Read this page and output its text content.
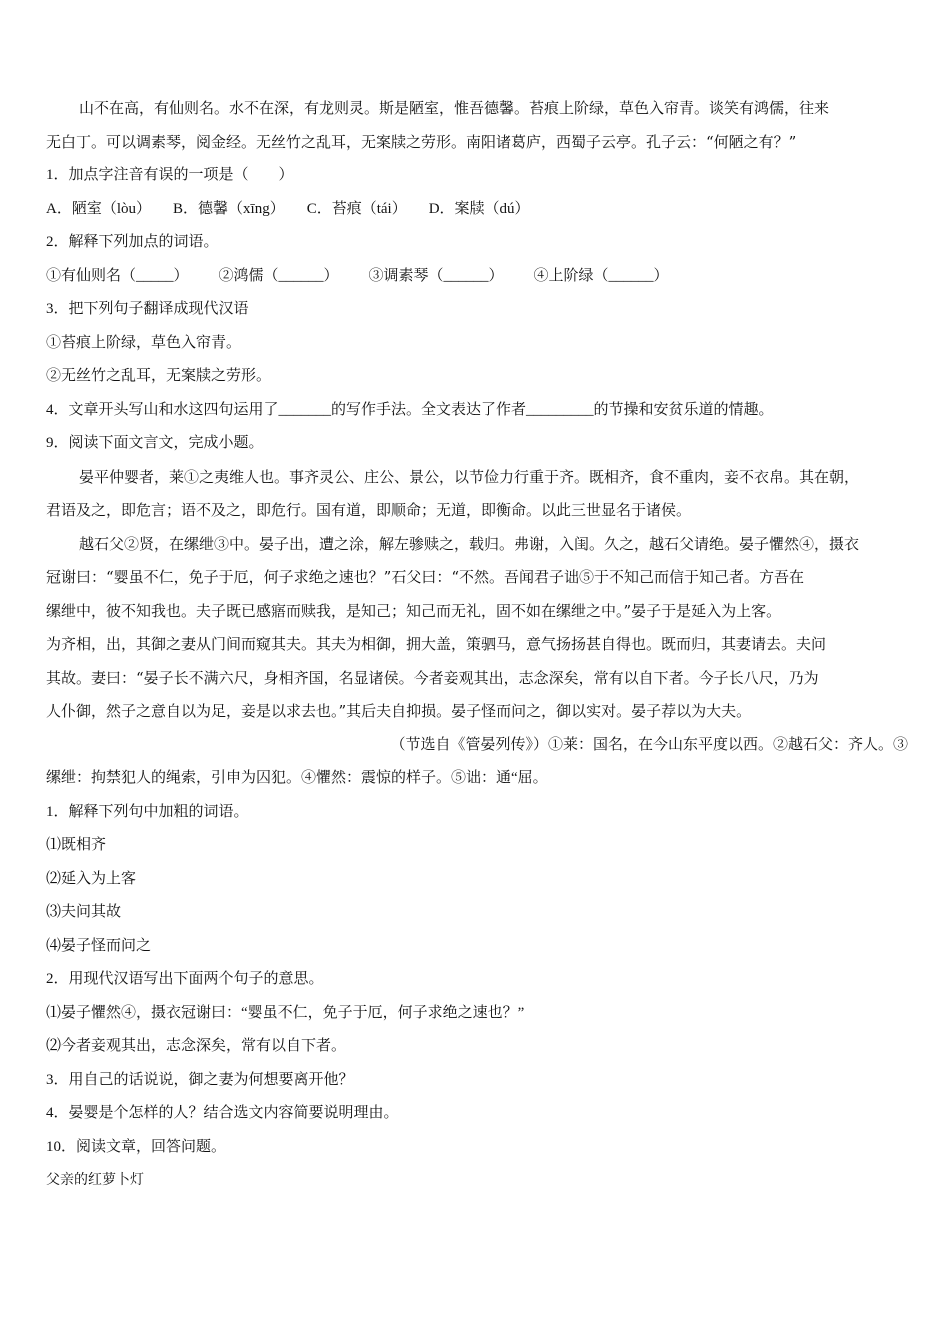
山不在高，有仙则名。水不在深，有龙则灵。斯是陋室，惟吾德馨。苔痕上阶绿，草色入帘青。谈笑有鸿儒，往来
无白丁。可以调素琴，阅金经。无丝竹之乱耳，无案牍之劳形。南阳诸葛庐，西蜀子云亭。孔子云：“何陋之有？”
1．加点字注音有误的一项是（　　）
A．陋室（lòu） B．德馨（xīng） C．苔痕（tái） D．案牍（dú）
2．解释下列加点的词语。
①有仙则名（_____） ②鸿儒（______） ③调素琴（______） ④上阶绿（______）
3．把下列句子翻译成现代汉语
①苔痕上阶绿，草色入帘青。
②无丝竹之乱耳，无案牍之劳形。
4．文章开头写山和水这四句运用了_______的写作手法。全文表达了作者_________的节操和安贫乐道的情趣。
9．阅读下面文言文，完成小题。
晏平仲婴者，莱①之夷维人也。事齐灵公、庄公、景公，以节俭力行重于齐。既相齐，食不重肉，妾不衣帛。其在朝，
君语及之，即危言；语不及之，即危行。国有道，即顺命；无道，即衡命。以此三世显名于诸侯。
越石父②贤，在缧绁③中。晏子出，遭之涂，解左骖赎之，载归。弗谢，入闺。久之，越石父请绝。晏子懼然④，摄衣
冠谢曰：“婴虽不仁，免子于厄，何子求绝之速也？”石父曰：“不然。吾闻君子诎⑤于不知己而信于知己者。方吾在
缧绁中，彼不知我也。夫子既已感寤而赎我，是知己；知己而无礼，固不如在缧绁之中。”晏子于是延入为上客。
为齐相，出，其御之妻从门间而窥其夫。其夫为相御，拥大盖，策驷马，意气扬扬甚自得也。既而归，其妻请去。夫问
其故。妻曰：“晏子长不满六尺，身相齐国，名显诸侯。今者妾观其出，志念深矣，常有以自下者。今子长八尺，乃为
人仆御，然子之意自以为足，妾是以求去也。”其后夫自抑损。晏子怪而问之，御以实对。晏子荐以为大夫。
（节选自《管晏列传》）①莱：国名，在今山东平度以西。②越石父：齐人。③
缧绁：拘禁犯人的绳索，引申为囚犯。④懼然：震惊的样子。⑤诎：通“屈。
1．解释下列句中加粗的词语。
⑴既相齐
⑵延入为上客
⑶夫问其故
⑷晏子怪而问之
2．用现代汉语写出下面两个句子的意思。
⑴晏子懼然④，摄衣冠谢曰：“婴虽不仁，免子于厄，何子求绝之速也？”
⑵今者妾观其出，志念深矣，常有以自下者。
3．用自己的话说说，御之妻为何想要离开他？
4．晏婴是个怎样的人？结合选文内容简要说明理由。
10．阅读文章，回答问题。
父亲的红萝卜灯
